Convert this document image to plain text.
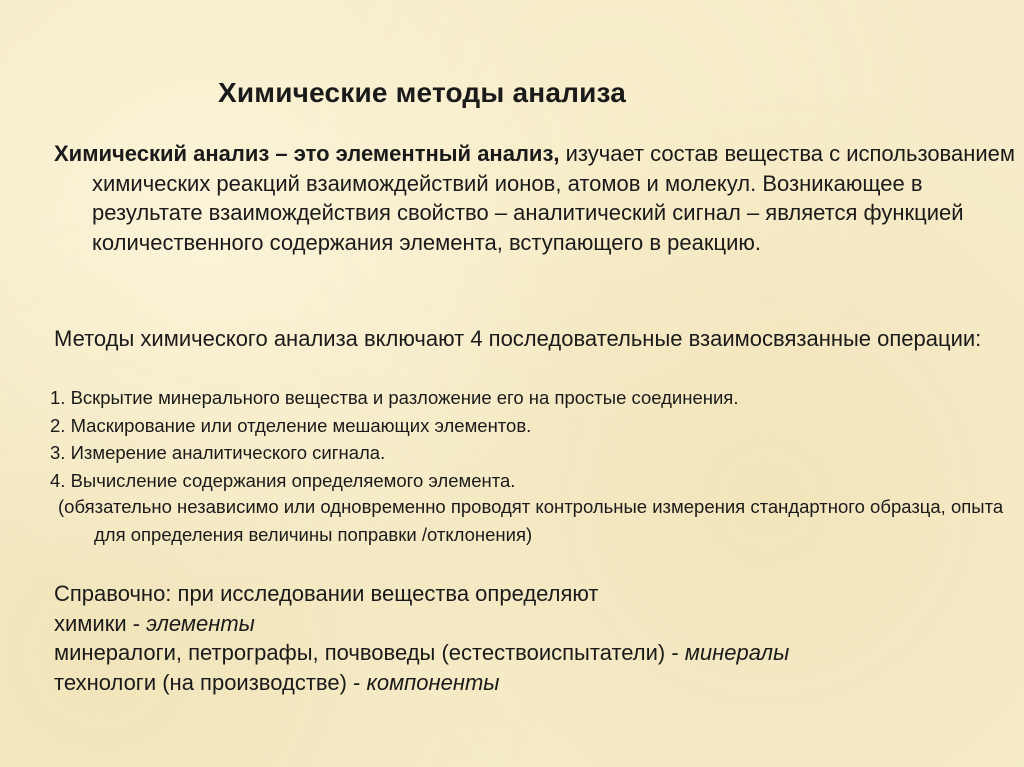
Химические методы анализа
Химический анализ – это элементный анализ, изучает состав вещества с использованием химических реакций взаимождействий ионов, атомов и молекул. Возникающее в результате взаимождействия свойство – аналитический сигнал – является функцией количественного содержания элемента, вступающего в реакцию.
Методы химического анализа включают 4 последовательные взаимосвязанные операции:
1. Вскрытие минерального вещества и разложение его на простые соединения.
2. Маскирование или отделение мешающих элементов.
3. Измерение аналитического сигнала.
4. Вычисление содержания определяемого элемента.
(обязательно независимо или одновременно проводят контрольные измерения стандартного образца, опыта для определения величины поправки /отклонения)
Справочно: при исследовании вещества определяют
химики - элементы
минералоги, петрографы, почвоведы (естествоиспытатели) - минералы
технологи (на производстве) - компоненты
